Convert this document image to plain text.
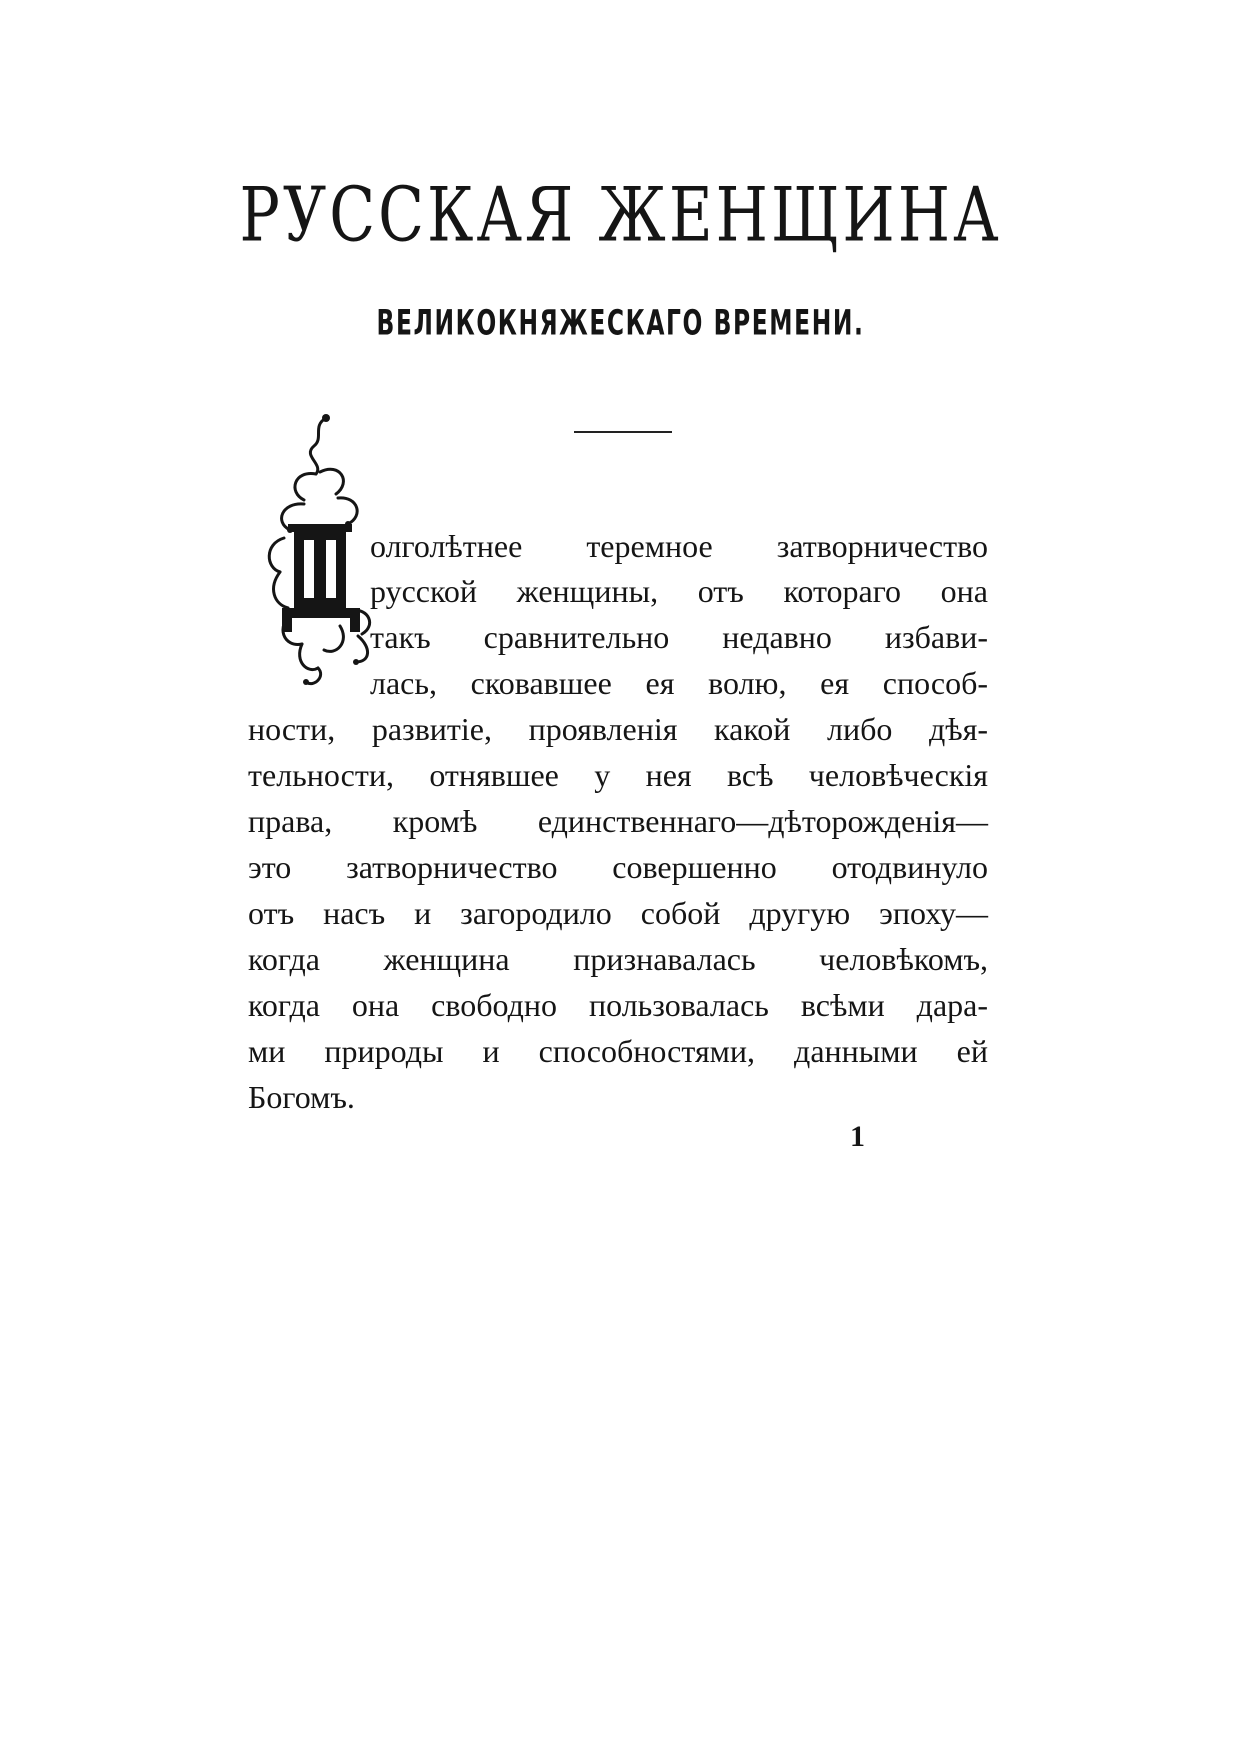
РУССКАЯ ЖЕНЩИНА
ВЕЛИКОКНЯЖЕСКАГО ВРЕМЕНИ.
олголѣтнее теремное затворничество
русской женщины, отъ котораго она
такъ сравнительно недавно избави-
лась, сковавшее ея волю, ея способ-
ности, развитiе, проявленiя какой либо дѣя-
тельности, отнявшее у нея всѣ человѣческiя
права, кромѣ единственнаго—дѣторожденiя—
это затворничество совершенно отодвинуло
отъ насъ и загородило собой другую эпоху—
когда женщина признавалась человѣкомъ,
когда она свободно пользовалась всѣми дара-
ми природы и способностями, данными ей
Богомъ.
1
